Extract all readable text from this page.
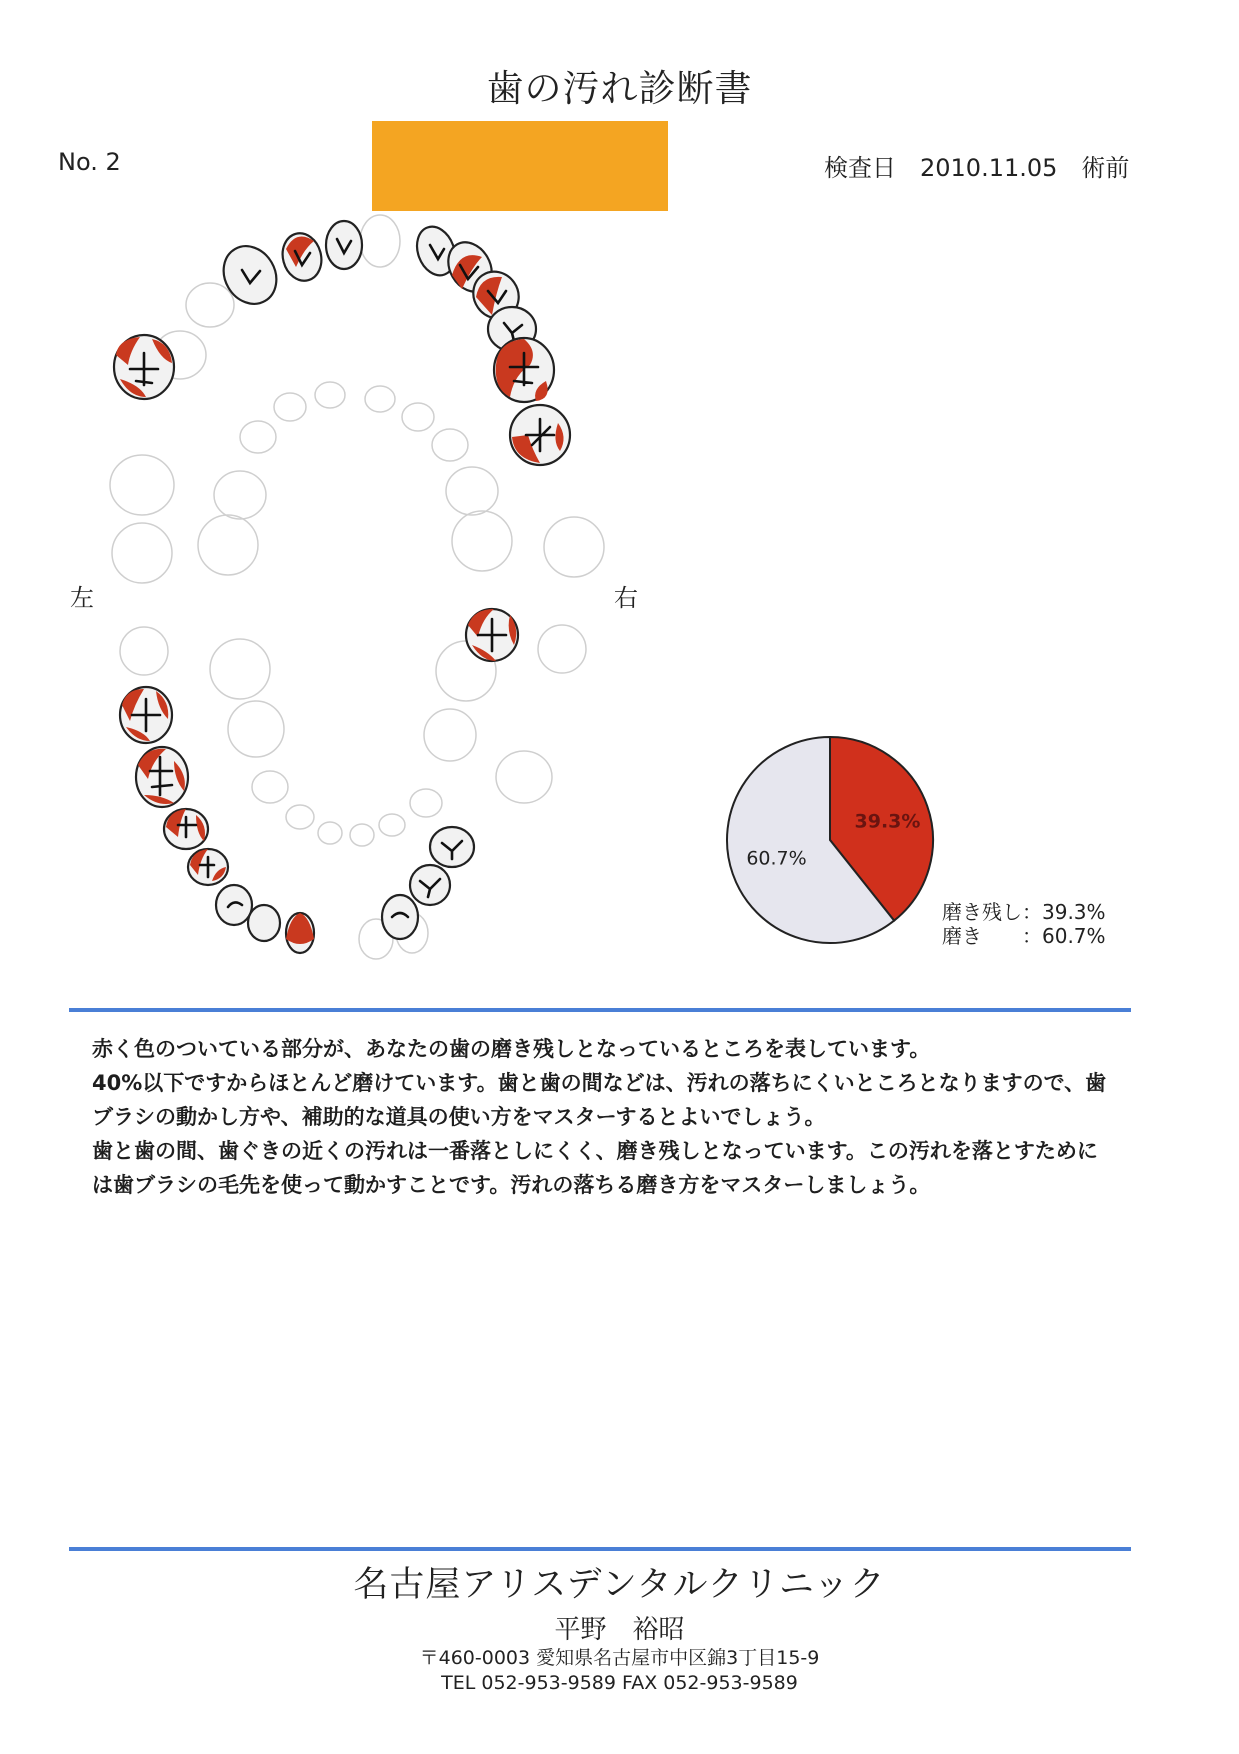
歯の汚れ診断書
No. 2	検査日　2010.11.05　術前
左	右
39.3%
60.7%
磨き残し：39.3%
磨き　　：60.7%

赤く色のついている部分が、あなたの歯の磨き残しとなっているところを表しています。

40%以下ですからほとんど磨けています。歯と歯の間などは、汚れの落ちにくいところとなりますので、歯ブラシの動かし方や、補助的な道具の使い方をマスターするとよいでしょう。

歯と歯の間、歯ぐきの近くの汚れは一番落としにくく、磨き残しとなっています。この汚れを落とすためには歯ブラシの毛先を使って動かすことです。汚れの落ちる磨き方をマスターしましょう。

名古屋アリスデンタルクリニック
平野　裕昭
〒460-0003 愛知県名古屋市中区錦3丁目15-9
TEL 052-953-9589 FAX 052-953-9589
